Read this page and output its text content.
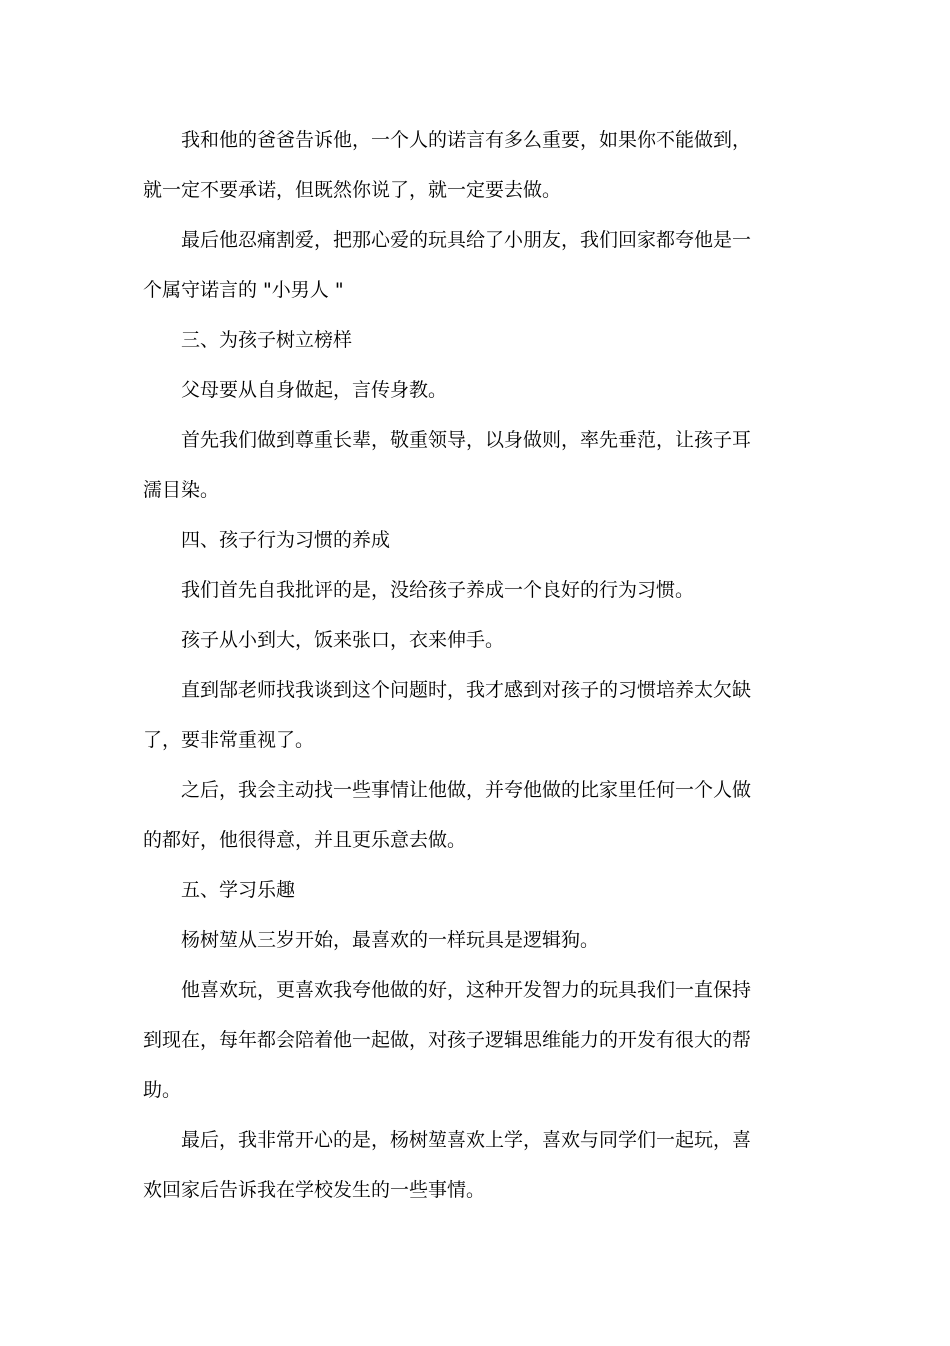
我和他的爸爸告诉他，一个人的诺言有多么重要，如果你不能做到，就一定不要承诺，但既然你说了，就一定要去做。

最后他忍痛割爱，把那心爱的玩具给了小朋友，我们回家都夸他是一个属守诺言的 "小男人 "

三、为孩子树立榜样

父母要从自身做起，言传身教。

首先我们做到尊重长辈，敬重领导，以身做则，率先垂范，让孩子耳濡目染。

四、孩子行为习惯的养成

我们首先自我批评的是，没给孩子养成一个良好的行为习惯。

孩子从小到大，饭来张口，衣来伸手。

直到郜老师找我谈到这个问题时，我才感到对孩子的习惯培养太欠缺了，要非常重视了。

之后，我会主动找一些事情让他做，并夸他做的比家里任何一个人做的都好，他很得意，并且更乐意去做。

五、学习乐趣

杨树堃从三岁开始，最喜欢的一样玩具是逻辑狗。

他喜欢玩，更喜欢我夸他做的好，这种开发智力的玩具我们一直保持到现在，每年都会陪着他一起做，对孩子逻辑思维能力的开发有很大的帮助。

最后，我非常开心的是，杨树堃喜欢上学，喜欢与同学们一起玩，喜欢回家后告诉我在学校发生的一些事情。
